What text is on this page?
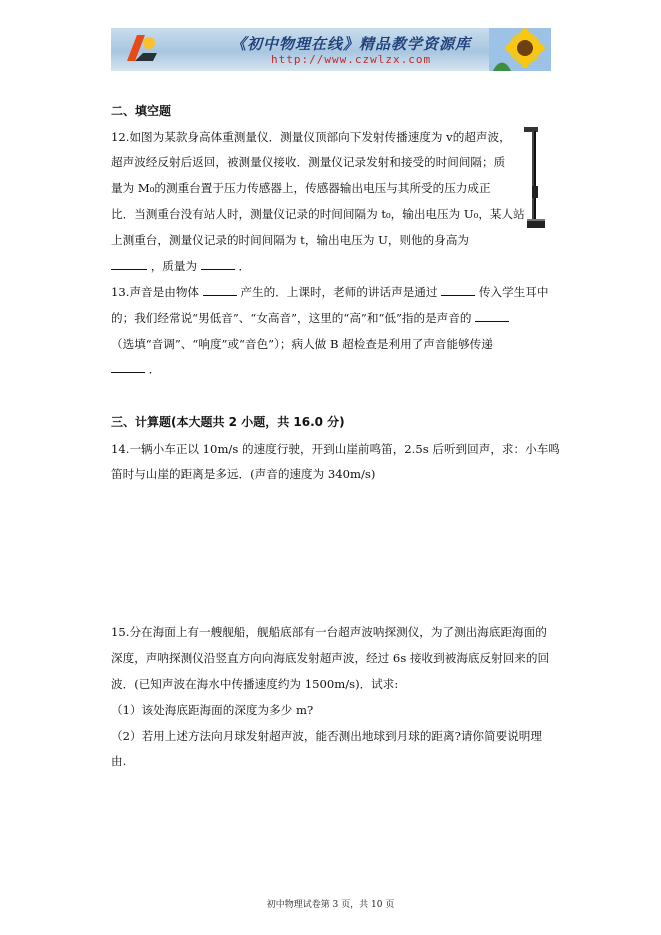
《初中物理在线》精品教学资源库
http://www.czwlzx.com
二、填空题
12.如图为某款身高体重测量仪．测量仪顶部向下发射传播速度为 v的超声波，
超声波经反射后返回，被测量仪接收．测量仪记录发射和接受的时间间隔；质
量为 M₀的测重台置于压力传感器上，传感器输出电压与其所受的压力成正
比．当测重台没有站人时，测量仪记录的时间间隔为 t₀，输出电压为 U₀，某人站
上测重台，测量仪记录的时间间隔为 t，输出电压为 U，则他的身高为
，质量为	．
13.声音是由物体	产生的．上课时，老师的讲话声是通过	传入学生耳中
的；我们经常说“男低音”、“女高音”，这里的“高”和“低”指的是声音的
（选填“音调”、“响度”或“音色”）；病人做 B 超检查是利用了声音能够传递
．
三、计算题(本大题共 2 小题，共 16.0 分)
14.一辆小车正以 10m/s 的速度行驶，开到山崖前鸣笛，2.5s 后听到回声，求：小车鸣
笛时与山崖的距离是多远．(声音的速度为 340m/s)
15.分在海面上有一艘舰船，舰船底部有一台超声波呐探测仪，为了测出海底距海面的
深度，声呐探测仪沿竖直方向向海底发射超声波，经过 6s 接收到被海底反射回来的回
波．(已知声波在海水中传播速度约为 1500m/s)．试求:
（1）该处海底距海面的深度为多少 m?
（2）若用上述方法向月球发射超声波，能否测出地球到月球的距离?请你简要说明理
由.
初中物理试卷第 3 页，共 10 页
